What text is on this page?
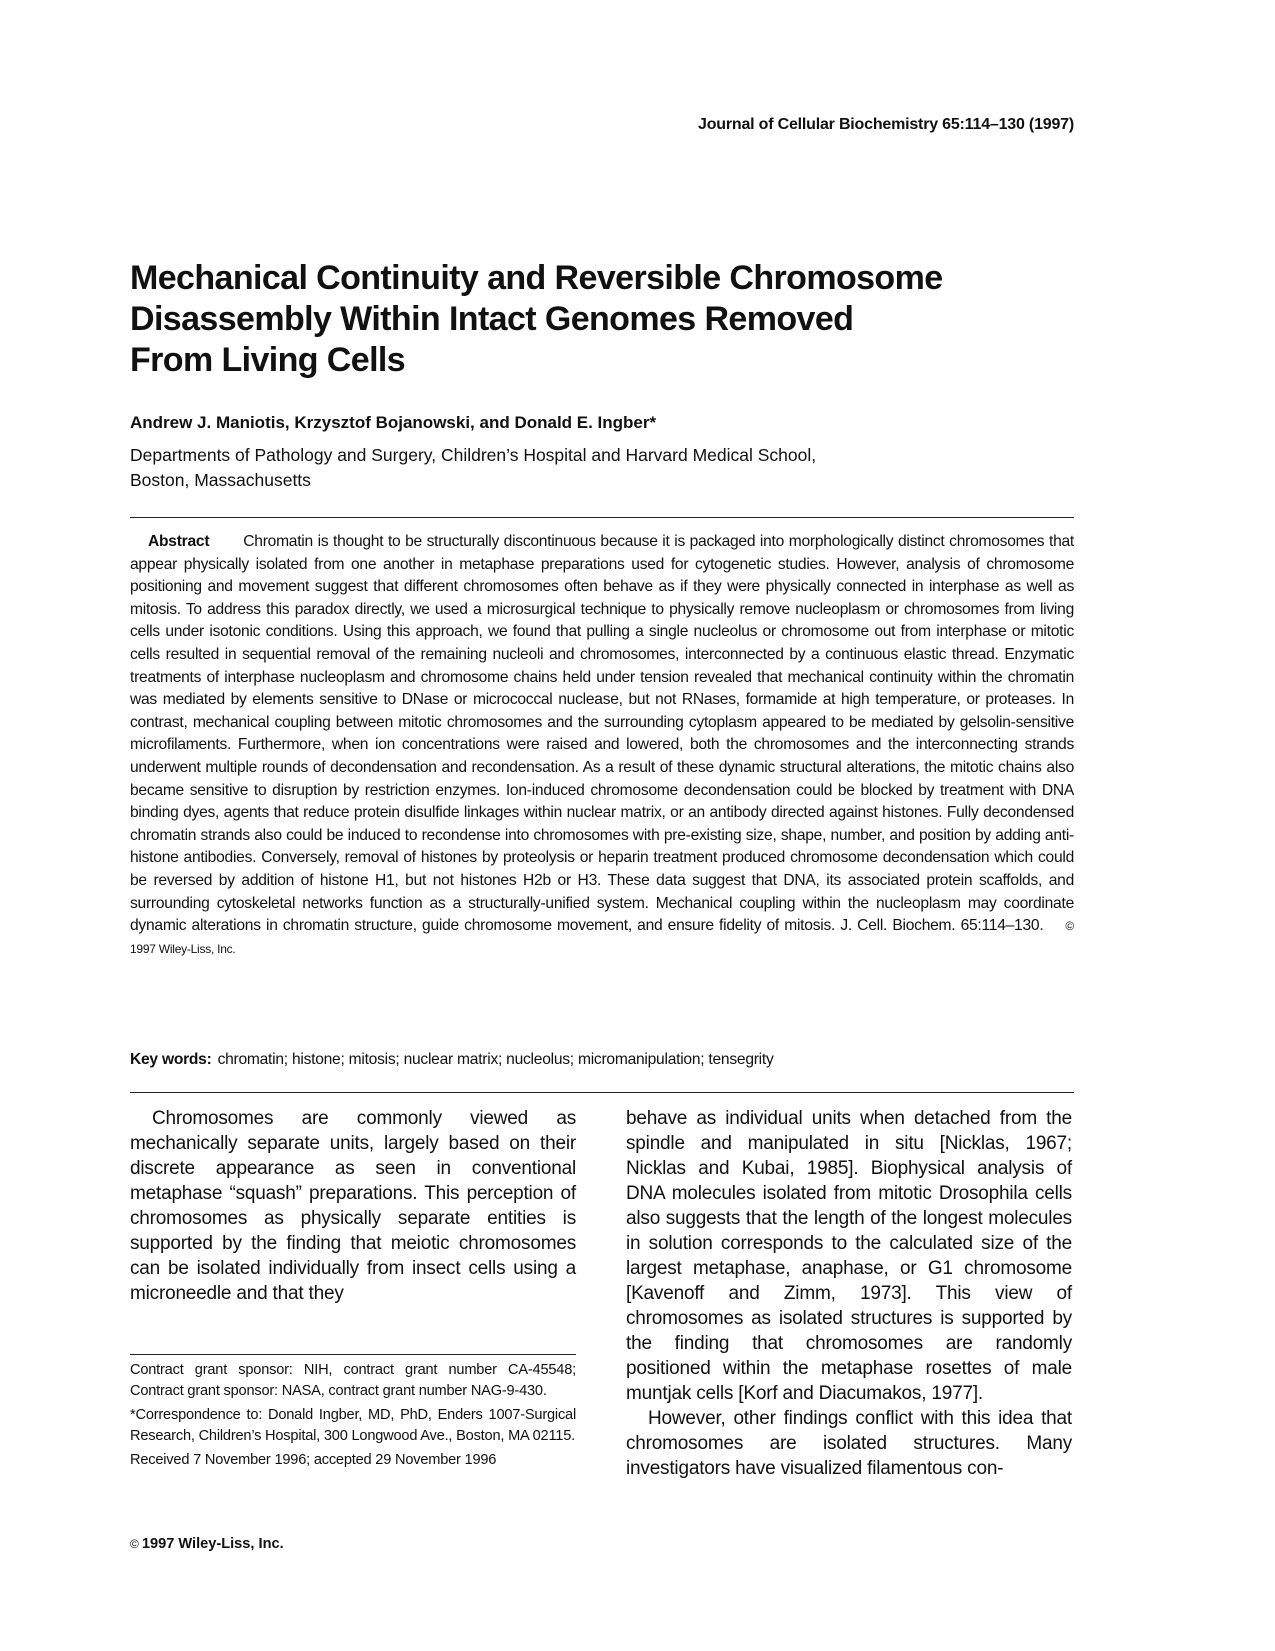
Journal of Cellular Biochemistry 65:114–130 (1997)
Mechanical Continuity and Reversible Chromosome
Disassembly Within Intact Genomes Removed
From Living Cells
Andrew J. Maniotis, Krzysztof Bojanowski, and Donald E. Ingber*
Departments of Pathology and Surgery, Children’s Hospital and Harvard Medical School,
Boston, Massachusetts

Abstract Chromatin is thought to be structurally discontinuous because it is packaged into morphologically distinct chromosomes that appear physically isolated from one another in metaphase preparations used for cytogenetic studies. However, analysis of chromosome positioning and movement suggest that different chromosomes often behave as if they were physically connected in interphase as well as mitosis. To address this paradox directly, we used a microsurgical technique to physically remove nucleoplasm or chromosomes from living cells under isotonic conditions. Using this approach, we found that pulling a single nucleolus or chromosome out from interphase or mitotic cells resulted in sequential removal of the remaining nucleoli and chromosomes, interconnected by a continuous elastic thread. Enzymatic treatments of interphase nucleoplasm and chromosome chains held under tension revealed that mechanical continuity within the chromatin was mediated by elements sensitive to DNase or micrococcal nuclease, but not RNases, formamide at high temperature, or proteases. In contrast, mechanical coupling between mitotic chromosomes and the surrounding cytoplasm appeared to be mediated by gelsolin-sensitive microfilaments. Furthermore, when ion concentrations were raised and lowered, both the chromosomes and the interconnecting strands underwent multiple rounds of decondensation and recondensation. As a result of these dynamic structural alterations, the mitotic chains also became sensitive to disruption by restriction enzymes. Ion-induced chromosome decondensation could be blocked by treatment with DNA binding dyes, agents that reduce protein disulfide linkages within nuclear matrix, or an antibody directed against histones. Fully decondensed chromatin strands also could be induced to recondense into chromosomes with pre-existing size, shape, number, and position by adding anti-histone antibodies. Conversely, removal of histones by proteolysis or heparin treatment produced chromosome decondensation which could be reversed by addition of histone H1, but not histones H2b or H3. These data suggest that DNA, its associated protein scaffolds, and surrounding cytoskeletal networks function as a structurally-unified system. Mechanical coupling within the nucleoplasm may coordinate dynamic alterations in chromatin structure, guide chromosome movement, and ensure fidelity of mitosis. J. Cell. Biochem. 65:114–130. © 1997 Wiley-Liss, Inc.

Key words: chromatin; histone; mitosis; nuclear matrix; nucleolus; micromanipulation; tensegrity

Chromosomes are commonly viewed as mechanically separate units, largely based on their discrete appearance as seen in conventional metaphase “squash” preparations. This perception of chromosomes as physically separate entities is supported by the finding that meiotic chromosomes can be isolated individually from insect cells using a microneedle and that they

behave as individual units when detached from the spindle and manipulated in situ [Nicklas, 1967; Nicklas and Kubai, 1985]. Biophysical analysis of DNA molecules isolated from mitotic Drosophila cells also suggests that the length of the longest molecules in solution corresponds to the calculated size of the largest metaphase, anaphase, or G1 chromosome [Kavenoff and Zimm, 1973]. This view of chromosomes as isolated structures is supported by the finding that chromosomes are randomly positioned within the metaphase rosettes of male muntjak cells [Korf and Diacumakos, 1977].

However, other findings conflict with this idea that chromosomes are isolated structures. Many investigators have visualized filamentous con-

Contract grant sponsor: NIH, contract grant number CA-45548; Contract grant sponsor: NASA, contract grant number NAG-9-430.

*Correspondence to: Donald Ingber, MD, PhD, Enders 1007-Surgical Research, Children’s Hospital, 300 Longwood Ave., Boston, MA 02115.

Received 7 November 1996; accepted 29 November 1996

© 1997 Wiley-Liss, Inc.
